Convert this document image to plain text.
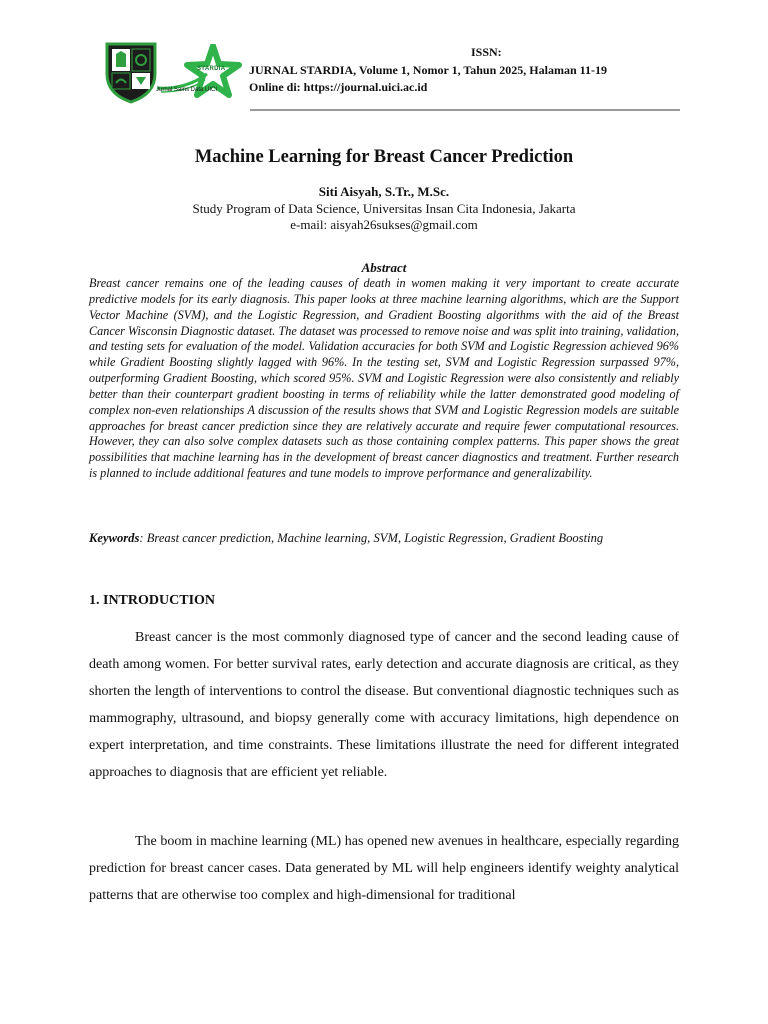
STARDIA
Jurnal Sains Data UICI
ISSN:
JURNAL STARDIA, Volume 1, Nomor 1, Tahun 2025, Halaman 11-19
Online di: https://journal.uici.ac.id
Machine Learning for Breast Cancer Prediction
Siti Aisyah, S.Tr., M.Sc.
Study Program of Data Science, Universitas Insan Cita Indonesia, Jakarta
e-mail: aisyah26sukses@gmail.com
Abstract

Breast cancer remains one of the leading causes of death in women making it very important to create accurate predictive models for its early diagnosis. This paper looks at three machine learning algorithms, which are the Support Vector Machine (SVM), and the Logistic Regression, and Gradient Boosting algorithms with the aid of the Breast Cancer Wisconsin Diagnostic dataset. The dataset was processed to remove noise and was split into training, validation, and testing sets for evaluation of the model. Validation accuracies for both SVM and Logistic Regression achieved 96% while Gradient Boosting slightly lagged with 96%. In the testing set, SVM and Logistic Regression surpassed 97%, outperforming Gradient Boosting, which scored 95%. SVM and Logistic Regression were also consistently and reliably better than their counterpart gradient boosting in terms of reliability while the latter demonstrated good modeling of complex non-even relationships A discussion of the results shows that SVM and Logistic Regression models are suitable approaches for breast cancer prediction since they are relatively accurate and require fewer computational resources. However, they can also solve complex datasets such as those containing complex patterns. This paper shows the great possibilities that machine learning has in the development of breast cancer diagnostics and treatment. Further research is planned to include additional features and tune models to improve performance and generalizability.

Keywords: Breast cancer prediction, Machine learning, SVM, Logistic Regression, Gradient Boosting
1. INTRODUCTION

Breast cancer is the most commonly diagnosed type of cancer and the second leading cause of death among women. For better survival rates, early detection and accurate diagnosis are critical, as they shorten the length of interventions to control the disease. But conventional diagnostic techniques such as mammography, ultrasound, and biopsy generally come with accuracy limitations, high dependence on expert interpretation, and time constraints. These limitations illustrate the need for different integrated approaches to diagnosis that are efficient yet reliable.

The boom in machine learning (ML) has opened new avenues in healthcare, especially regarding prediction for breast cancer cases. Data generated by ML will help engineers identify weighty analytical patterns that are otherwise too complex and high-dimensional for traditional
